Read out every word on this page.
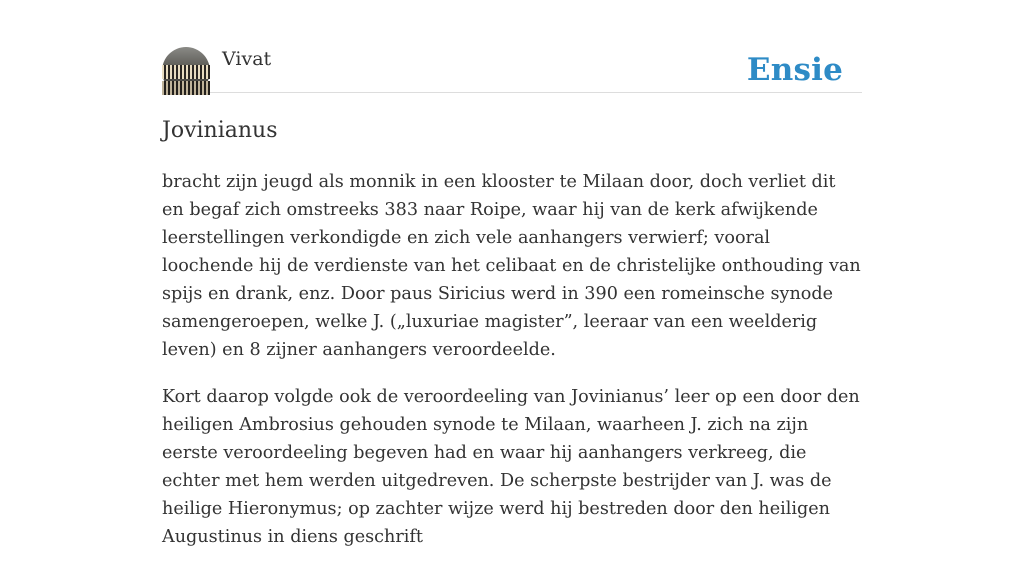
Vivat	Ensie
Jovinianus

bracht zijn jeugd als monnik in een klooster te Milaan door, doch verliet dit en begaf zich omstreeks 383 naar Roipe, waar hij van de kerk afwijkende leerstellingen verkondigde en zich vele aanhangers verwierf; vooral loochende hij de verdienste van het celibaat en de christelijke onthouding van spijs en drank, enz. Door paus Siricius werd in 390 een romeinsche synode samengeroepen, welke J. („luxuriae magister”, leeraar van een weelderig leven) en 8 zijner aanhangers veroordeelde.

Kort daarop volgde ook de veroordeeling van Jovinianus’ leer op een door den heiligen Ambrosius gehouden synode te Milaan, waarheen J. zich na zijn eerste veroordeeling begeven had en waar hij aanhangers verkreeg, die echter met hem werden uitgedreven. De scherpste bestrijder van J. was de heilige Hieronymus; op zachter wijze werd hij bestreden door den heiligen Augustinus in diens geschrift
